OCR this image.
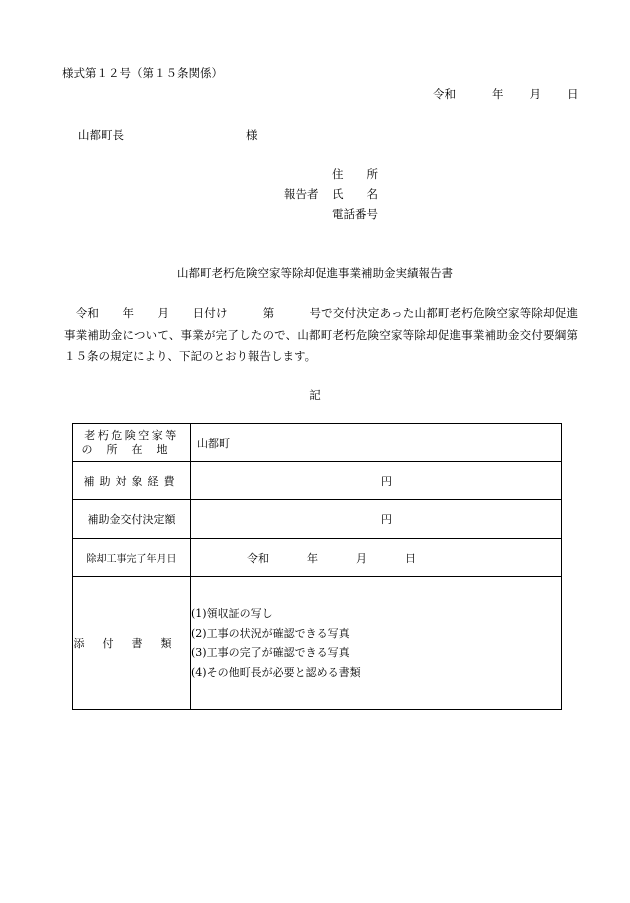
様式第１２号（第１５条関係）
令和	年 月 日
山都町長	様
住　　所
報告者 氏　　名
電話番号
山都町老朽危険空家等除却促進事業補助金実績報告書
　令和　　年　　月　　日付け　　　第　　　号で交付決定あった山都町老朽危険空家等除却促進事業補助金について、事業が完了したので、山都町老朽危険空家等除却促進事業補助金交付要綱第１５条の規定により、下記のとおり報告します。
記
老朽危険空家等
の所在地	山都町

補助対象経費	円

補助金交付決定額	円

除却工事完了年月日	令和 年 月 日

添付書類	(1)領収証の写し
(2)工事の状況が確認できる写真
(3)工事の完了が確認できる写真
(4)その他町長が必要と認める書類
